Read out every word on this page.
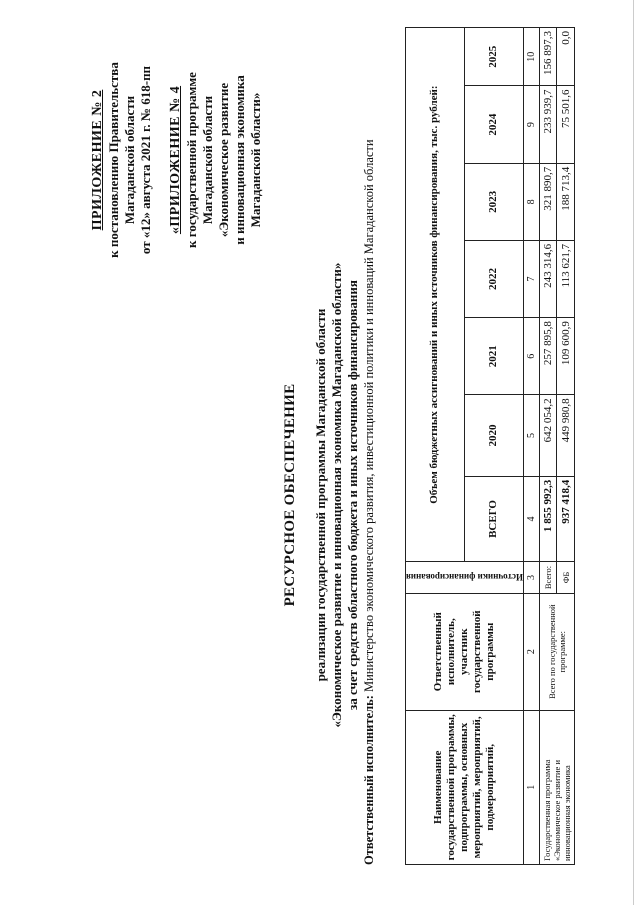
ПРИЛОЖЕНИЕ № 2 к постановлению Правительства Магаданской области от «12» августа 2021 г. № 618-пп «ПРИЛОЖЕНИЕ № 4 к государственной программе Магаданской области «Экономическое развитие и инновационная экономика Магаданской области»
РЕСУРСНОЕ ОБЕСПЕЧЕНИЕ реализации государственной программы Магаданской области «Экономическое развитие и инновационная экономика Магаданской области» за счет средств областного бюджета и иных источников финансирования
Ответственный исполнитель: Министерство экономического развития, инвестиционной политики и инноваций Магаданской области
Наименование государственной программы, подпрограммы, основных мероприятий, мероприятий, подмероприятий,	Ответственный исполнитель, участник государственной программы	Источники финансирования	Объем бюджетных ассигнований и иных источников финансирования, тыс. рублей:						
			ВСЕГО	2020	2021	2022	2023	2024	2025
1	2	3	4	5	6	7	8	9	10
Государственная программа «Экономическое развитие и инновационная экономика	Всего по государственной программе:	Всего:	1 855 992,3	642 054,2	257 895,8	243 314,6	321 890,7	233 939,7	156 897,3
		ФБ	937 418,4	449 980,8	109 600,9	113 621,7	188 713,4	75 501,6	0,0
